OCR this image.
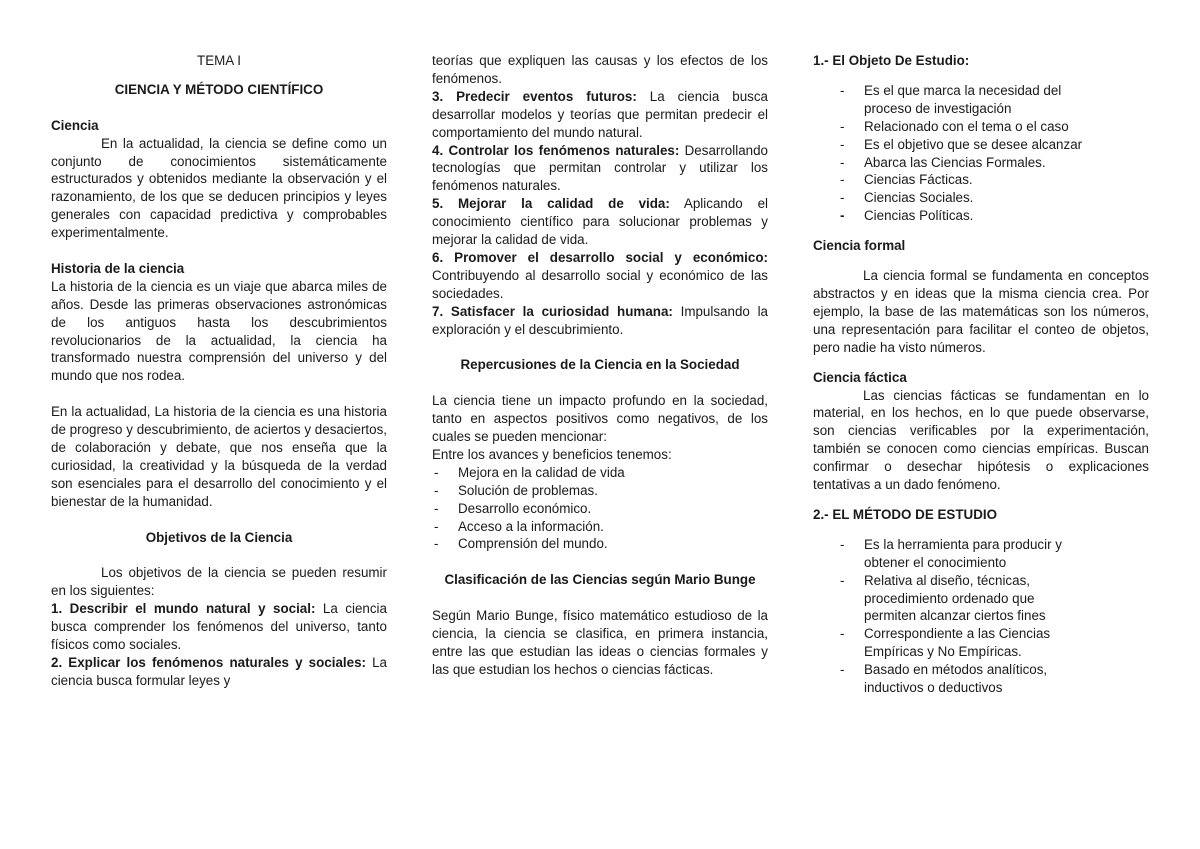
TEMA I

CIENCIA Y MÉTODO CIENTÍFICO

Ciencia

En la actualidad, la ciencia se define como un conjunto de conocimientos sistemáticamente estructurados y obtenidos mediante la observación y el razonamiento, de los que se deducen principios y leyes generales con capacidad predictiva y comprobables experimentalmente.

Historia de la ciencia

La historia de la ciencia es un viaje que abarca miles de años. Desde las primeras observaciones astronómicas de los antiguos hasta los descubrimientos revolucionarios de la actualidad, la ciencia ha transformado nuestra comprensión del universo y del mundo que nos rodea.

En la actualidad, La historia de la ciencia es una historia de progreso y descubrimiento, de aciertos y desaciertos, de colaboración y debate, que nos enseña que la curiosidad, la creatividad y la búsqueda de la verdad son esenciales para el desarrollo del conocimiento y el bienestar de la humanidad.

Objetivos de la Ciencia

Los objetivos de la ciencia se pueden resumir en los siguientes:

1. Describir el mundo natural y social: La ciencia busca comprender los fenómenos del universo, tanto físicos como sociales.

2. Explicar los fenómenos naturales y sociales: La ciencia busca formular leyes y

teorías que expliquen las causas y los efectos de los fenómenos.

3. Predecir eventos futuros: La ciencia busca desarrollar modelos y teorías que permitan predecir el comportamiento del mundo natural.

4. Controlar los fenómenos naturales: Desarrollando tecnologías que permitan controlar y utilizar los fenómenos naturales.

5. Mejorar la calidad de vida: Aplicando el conocimiento científico para solucionar problemas y mejorar la calidad de vida.

6. Promover el desarrollo social y económico: Contribuyendo al desarrollo social y económico de las sociedades.

7. Satisfacer la curiosidad humana: Impulsando la exploración y el descubrimiento.

Repercusiones de la Ciencia en la Sociedad

La ciencia tiene un impacto profundo en la sociedad, tanto en aspectos positivos como negativos, de los cuales se pueden mencionar:

Entre los avances y beneficios tenemos:

- Mejora en la calidad de vida
- Solución de problemas.
- Desarrollo económico.
- Acceso a la información.
- Comprensión del mundo.

Clasificación de las Ciencias según Mario Bunge

Según Mario Bunge, físico matemático estudioso de la ciencia, la ciencia se clasifica, en primera instancia, entre las que estudian las ideas o ciencias formales y las que estudian los hechos o ciencias fácticas.

1.- El Objeto De Estudio:

- Es el que marca la necesidad del proceso de investigación
- Relacionado con el tema o el caso
- Es el objetivo que se desee alcanzar
- Abarca las Ciencias Formales.
- Ciencias Fácticas.
- Ciencias Sociales.
- Ciencias Políticas.

Ciencia formal

La ciencia formal se fundamenta en conceptos abstractos y en ideas que la misma ciencia crea. Por ejemplo, la base de las matemáticas son los números, una representación para facilitar el conteo de objetos, pero nadie ha visto números.

Ciencia fáctica

Las ciencias fácticas se fundamentan en lo material, en los hechos, en lo que puede observarse, son ciencias verificables por la experimentación, también se conocen como ciencias empíricas. Buscan confirmar o desechar hipótesis o explicaciones tentativas a un dado fenómeno.

2.- EL MÉTODO DE ESTUDIO

- Es la herramienta para producir y obtener el conocimiento
- Relativa al diseño, técnicas, procedimiento ordenado que permiten alcanzar ciertos fines
- Correspondiente a las Ciencias Empíricas y No Empíricas.
- Basado en métodos analíticos, inductivos o deductivos
